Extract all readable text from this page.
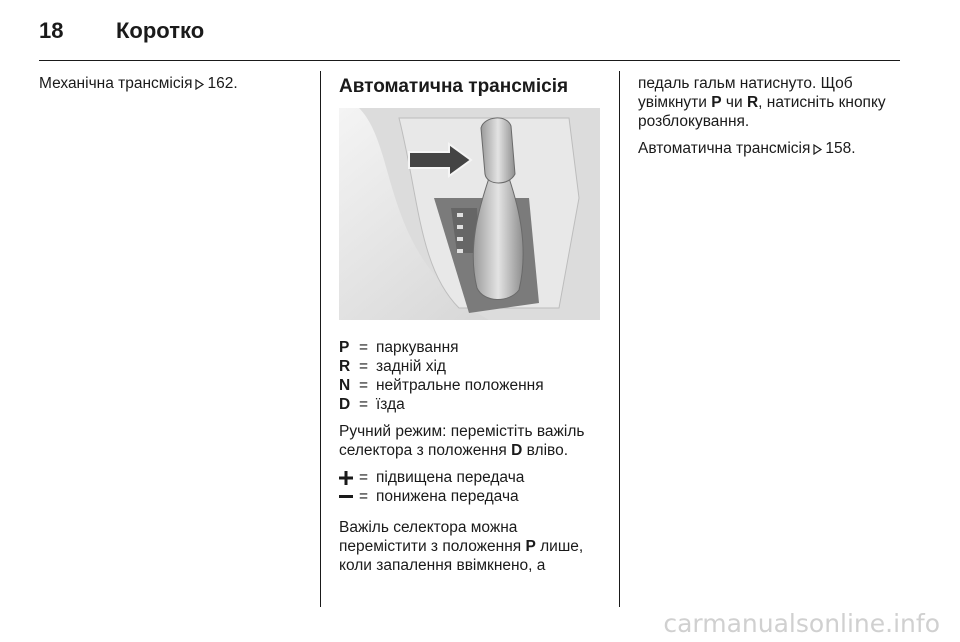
18 Коротко

Механічна трансмісія 162.	Автоматична трансмісія
P = паркування
R = задній хід
N = нейтральне положення
D = їзда

Ручний режим: перемістіть важіль селектора з положення D вліво.

= підвищена передача
= понижена передача

Важіль селектора можна перемістити з положення P лише, коли запалення ввімкнено, а

педаль гальм натиснуто. Щоб увімкнути P чи R, натисніть кнопку розблокування.

Автоматична трансмісія 158.

carmanualsonline.info
